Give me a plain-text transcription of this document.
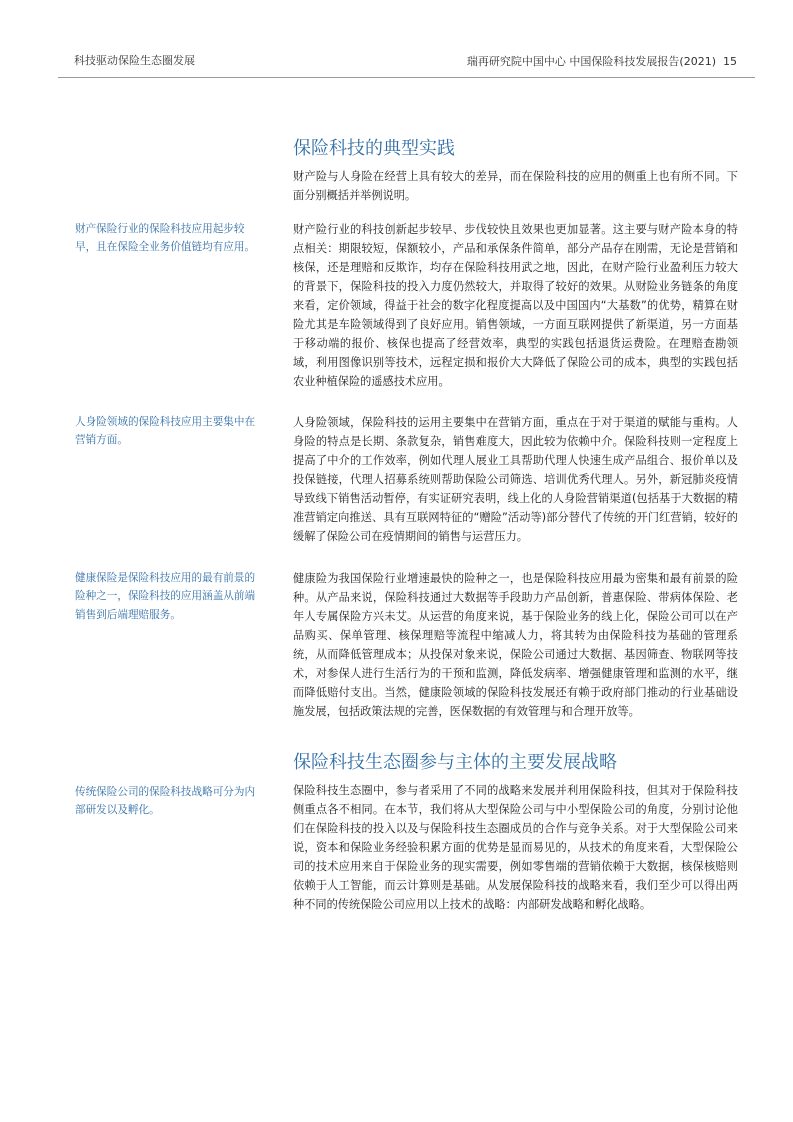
科技驱动保险生态圈发展	瑞再研究院中国中心 中国保险科技发展报告(2021) 15
保险科技的典型实践

财产险与人身险在经营上具有较大的差异，而在保险科技的应用的侧重上也有所不同。下面分别概括并举例说明。

财产保险行业的保险科技应用起步较早，且在保险全业务价值链均有应用。

财产险行业的科技创新起步较早、步伐较快且效果也更加显著。这主要与财产险本身的特点相关：期限较短，保额较小，产品和承保条件简单，部分产品存在刚需，无论是营销和核保，还是理赔和反欺诈，均存在保险科技用武之地，因此，在财产险行业盈利压力较大的背景下，保险科技的投入力度仍然较大，并取得了较好的效果。从财险业务链条的角度来看，定价领域，得益于社会的数字化程度提高以及中国国内“大基数”的优势，精算在财险尤其是车险领域得到了良好应用。销售领域，一方面互联网提供了新渠道，另一方面基于移动端的报价、核保也提高了经营效率，典型的实践包括退货运费险。在理赔查勘领域，利用图像识别等技术，远程定损和报价大大降低了保险公司的成本，典型的实践包括农业种植保险的遥感技术应用。

人身险领域的保险科技应用主要集中在营销方面。

人身险领域，保险科技的运用主要集中在营销方面，重点在于对于渠道的赋能与重构。人身险的特点是长期、条款复杂，销售难度大，因此较为依赖中介。保险科技则一定程度上提高了中介的工作效率，例如代理人展业工具帮助代理人快速生成产品组合、报价单以及投保链接，代理人招募系统则帮助保险公司筛选、培训优秀代理人。另外，新冠肺炎疫情导致线下销售活动暂停，有实证研究表明，线上化的人身险营销渠道(包括基于大数据的精准营销定向推送、具有互联网特征的“赠险”活动等)部分替代了传统的开门红营销，较好的缓解了保险公司在疫情期间的销售与运营压力。

健康保险是保险科技应用的最有前景的险种之一，保险科技的应用涵盖从前端销售到后端理赔服务。

健康险为我国保险行业增速最快的险种之一，也是保险科技应用最为密集和最有前景的险种。从产品来说，保险科技通过大数据等手段助力产品创新，普惠保险、带病体保险、老年人专属保险方兴未艾。从运营的角度来说，基于保险业务的线上化，保险公司可以在产品购买、保单管理、核保理赔等流程中缩减人力，将其转为由保险科技为基础的管理系统，从而降低管理成本；从投保对象来说，保险公司通过大数据、基因筛查、物联网等技术，对参保人进行生活行为的干预和监测，降低发病率、增强健康管理和监测的水平，继而降低赔付支出。当然，健康险领域的保险科技发展还有赖于政府部门推动的行业基础设施发展，包括政策法规的完善，医保数据的有效管理与和合理开放等。

保险科技生态圈参与主体的主要发展战略

传统保险公司的保险科技战略可分为内部研发以及孵化。

保险科技生态圈中，参与者采用了不同的战略来发展并利用保险科技，但其对于保险科技侧重点各不相同。在本节，我们将从大型保险公司与中小型保险公司的角度，分别讨论他们在保险科技的投入以及与保险科技生态圈成员的合作与竞争关系。对于大型保险公司来说，资本和保险业务经验积累方面的优势是显而易见的，从技术的角度来看，大型保险公司的技术应用来自于保险业务的现实需要，例如零售端的营销依赖于大数据，核保核赔则依赖于人工智能，而云计算则是基础。从发展保险科技的战略来看，我们至少可以得出两种不同的传统保险公司应用以上技术的战略：内部研发战略和孵化战略。
